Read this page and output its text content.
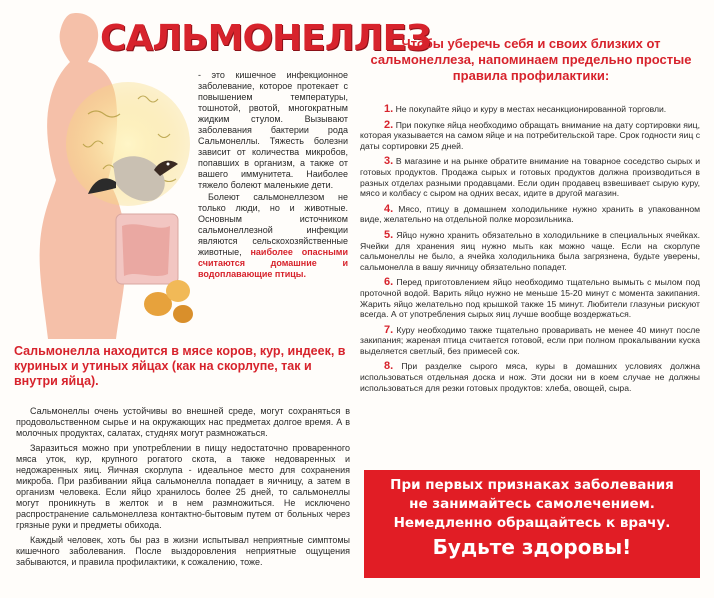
САЛЬМОНЕЛЛЕЗ

- это кишечное инфекционное заболевание, которое протекает с повышением температуры, тошнотой, рвотой, многократным жидким стулом. Вызывают заболевания бактерии рода Сальмонеллы. Тяжесть болезни зависит от количества микробов, попавших в организм, а также от вашего иммунитета. Наиболее тяжело болеют маленькие дети.

Болеют сальмонеллезом не только люди, но и животные. Основным источником сальмонеллезной инфекции являются сельскохозяйственные животные, наиболее опасными считаются домашние и водоплавающие птицы.

Сальмонелла находится в мясе коров, кур, индеек, в куриных и утиных яйцах (как на скорлупе, так и внутри яйца).

Сальмонеллы очень устойчивы во внешней среде, могут сохраняться в продовольственном сырье и на окружающих нас предметах долгое время. А в молочных продуктах, салатах, студнях могут размножаться.

Заразиться можно при употреблении в пищу недостаточно проваренного мяса уток, кур, крупного рогатого скота, а также недоваренных и недожаренных яиц. Яичная скорлупа - идеальное место для сохранения микроба. При разбивании яйца сальмонелла попадает в яичницу, а затем в организм человека. Если яйцо хранилось более 25 дней, то сальмонеллы могут проникнуть в желток и в нем размножиться. Не исключено распространение сальмонеллеза контактно-бытовым путем от больных через грязные руки и предметы обихода.

Каждый человек, хоть бы раз в жизни испытывал неприятные симптомы кишечного заболевания. После выздоровления неприятные ощущения забываются, и правила профилактики, к сожалению, тоже.

Чтобы уберечь себя и своих близких от сальмонеллеза, напоминаем предельно простые правила профилактики:
1. Не покупайте яйцо и куру в местах несанкционированной торговли.
2. При покупке яйца необходимо обращать внимание на дату сортировки яиц, которая указывается на самом яйце и на потребительской таре. Срок годности яиц с даты сортировки 25 дней.
3. В магазине и на рынке обратите внимание на товарное соседство сырых и готовых продуктов. Продажа сырых и готовых продуктов должна производиться в разных отделах разными продавцами. Если один продавец взвешивает сырую куру, мясо и колбасу с сыром на одних весах, идите в другой магазин.
4. Мясо, птицу в домашнем холодильнике нужно хранить в упакованном виде, желательно на отдельной полке морозильника.
5. Яйцо нужно хранить обязательно в холодильнике в специальных ячейках. Ячейки для хранения яиц нужно мыть как можно чаще. Если на скорлупе сальмонеллы не было, а ячейка холодильника была загрязнена, будьте уверены, сальмонелла в вашу яичницу обязательно попадет.
6. Перед приготовлением яйцо необходимо тщательно вымыть с мылом под проточной водой. Варить яйцо нужно не меньше 15-20 минут с момента закипания. Жарить яйцо желательно под крышкой также 15 минут. Любители глазуньи рискуют всегда. А от употребления сырых яиц лучше вообще воздержаться.
7. Куру необходимо также тщательно проваривать не менее 40 минут после закипания; жареная птица считается готовой, если при полном прокалывании куска выделяется светлый, без примесей сок.
8. При разделке сырого мяса, куры в домашних условиях должна использоваться отдельная доска и нож. Эти доски ни в коем случае не должны использоваться для резки готовых продуктов: хлеба, овощей, сыра.
При первых признаках заболевания
не занимайтесь самолечением.
Немедленно обращайтесь к врачу.
Будьте здоровы!
